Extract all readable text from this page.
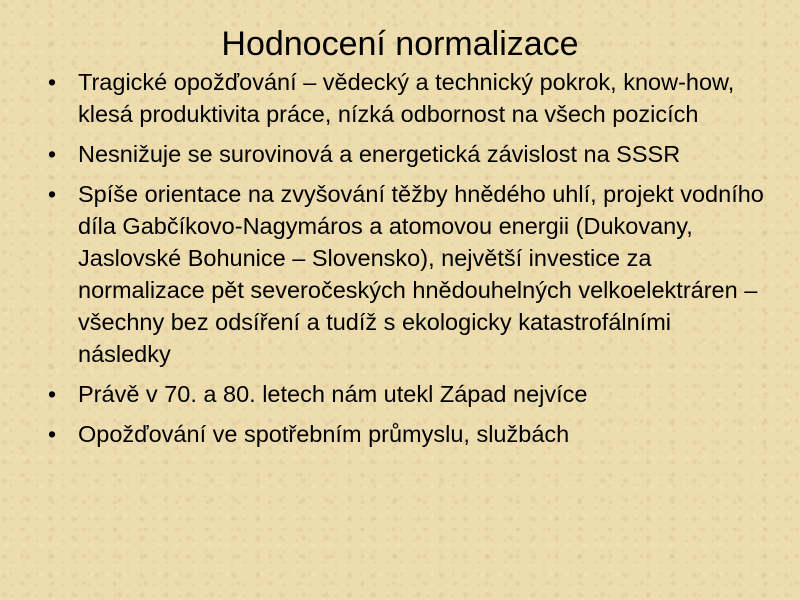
Hodnocení normalizace
• Tragické opožďování – vědecký a technický pokrok, know-how, klesá produktivita práce, nízká odbornost na všech pozicích
• Nesnižuje se surovinová a energetická závislost na SSSR
• Spíše orientace na zvyšování těžby hnědého uhlí, projekt vodního díla Gabčíkovo-Nagymáros a atomovou energii (Dukovany, Jaslovské Bohunice – Slovensko), největší investice za normalizace pět severočeských hnědouhelných velkoelektráren – všechny bez odsíření a tudíž s ekologicky katastrofálními následky
• Právě v 70. a 80. letech nám utekl Západ nejvíce
• Opožďování ve spotřebním průmyslu, službách
